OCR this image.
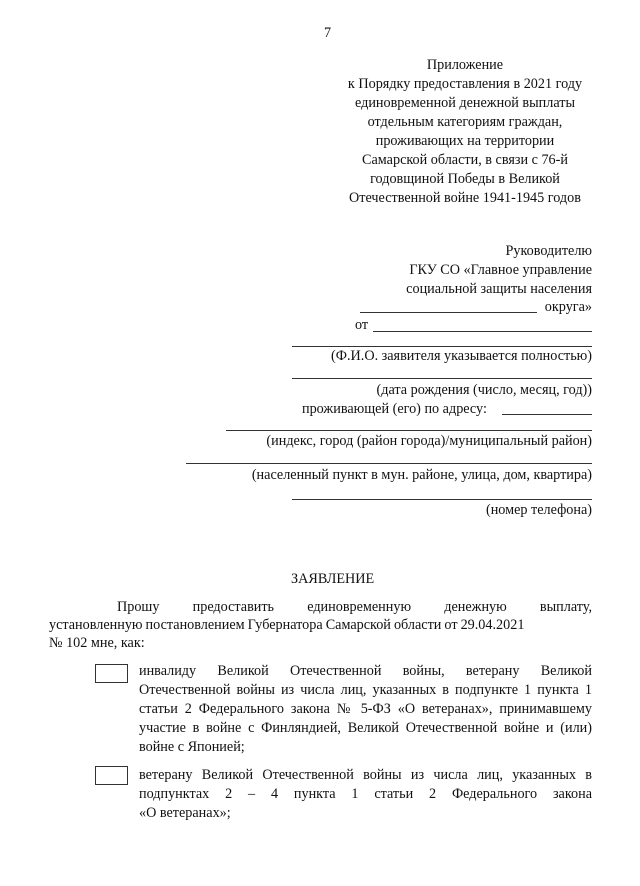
7
Приложение
к Порядку предоставления в 2021 году
единовременной денежной выплаты
отдельным категориям граждан,
проживающих на территории
Самарской области, в связи с 76-й
годовщиной Победы в Великой
Отечественной войне 1941-1945 годов
Руководителю
ГКУ СО «Главное управление
социальной защиты населения
округа»
от
(Ф.И.О. заявителя указывается полностью)
(дата рождения (число, месяц, год))
проживающей (его) по адресу:
(индекс, город (район города)/муниципальный район)
(населенный пункт в мун. районе, улица, дом, квартира)
(номер телефона)
ЗАЯВЛЕНИЕ
Прошу предоставить единовременную денежную выплату,
установленную постановлением Губернатора Самарской области от 29.04.2021
№ 102 мне, как:
инвалиду Великой Отечественной войны, ветерану Великой
Отечественной войны из числа лиц, указанных в подпункте 1 пункта 1
статьи 2 Федерального закона № 5-ФЗ «О ветеранах», принимавшему
участие в войне с Финляндией, Великой Отечественной войне и (или)
войне с Японией;
ветерану Великой Отечественной войны из числа лиц, указанных в
подпунктах 2 – 4 пункта 1 статьи 2 Федерального закона
«О ветеранах»;
